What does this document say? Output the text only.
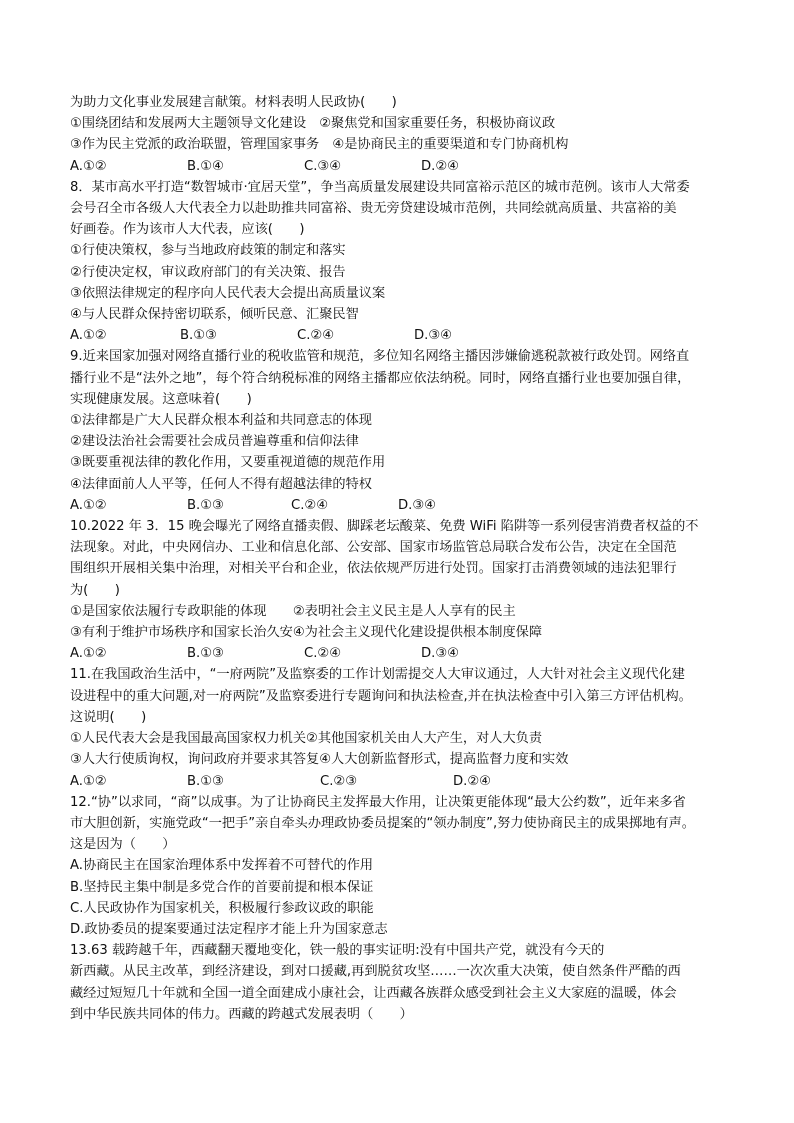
为助力文化事业发展建言献策。材料表明人民政协(　　)
①围绕团结和发展两大主题领导文化建设　②聚焦党和国家重要任务，积极协商议政
③作为民主党派的政治联盟，管理国家事务　④是协商民主的重要渠道和专门协商机构
A.①②	B.①④	C.③④	D.②④
8．某市高水平打造“数智城市·宜居天堂”，争当高质量发展建设共同富裕示范区的城市范例。该市人大常委
会号召全市各级人大代表全力以赴助推共同富裕、贵无旁贷建设城市范例，共同绘就高质量、共富裕的美
好画卷。作为该市人大代表，应该(　　)
①行使决策权，参与当地政府歧策的制定和落实
②行使决定权，审议政府部门的有关决策、报告
③依照法律规定的程序向人民代表大会提出高质量议案
④与人民群众保持密切联系，倾听民意、汇聚民智
A.①②	B.①③	C.②④	D.③④
9.近来国家加强对网络直播行业的税收监管和规范，多位知名网络主播因涉嫌偷逃税款被行政处罚。网络直
播行业不是“法外之地”，每个符合纳税标准的网络主播都应依法纳税。同时，网络直播行业也要加强自律，
实现健康发展。这意味着(　　)
①法律都是广大人民群众根本利益和共同意志的体现
②建设法治社会需要社会成员普遍尊重和信仰法律
③既要重视法律的教化作用，又要重视道德的规范作用
④法律面前人人平等，任何人不得有超越法律的特权
A.①②	B.①③	C.②④	D.③④
10.2022 年 3．15 晚会曝光了网络直播卖假、脚踩老坛酸菜、免费 WiFi 陷阱等一系列侵害消费者权益的不
法现象。对此，中央网信办、工业和信息化部、公安部、国家市场监管总局联合发布公告，决定在全国范
围组织开展相关集中治理，对相关平台和企业，依法依规严厉进行处罚。国家打击消费领域的违法犯罪行
为(　　)
①是国家依法履行专政职能的体现　　②表明社会主义民主是人人享有的民主
③有利于维护市场秩序和国家长治久安④为社会主义现代化建设提供根本制度保障
A.①②	B.①③	C.②④	D.③④
11.在我国政治生活中，“一府两院”及监察委的工作计划需提交人大审议通过，人大针对社会主义现代化建
设进程中的重大问题,对一府两院”及监察委进行专题询问和执法检查,并在执法检查中引入第三方评估机构。
这说明(　　)
①人民代表大会是我国最高国家权力机关②其他国家机关由人大产生，对人大负责
③人大行使质询权，询问政府并要求其答复④人大创新监督形式，提高监督力度和实效
A.①②	B.①③	C.②③	D.②④
12.“协”以求同，“商”以成事。为了让协商民主发挥最大作用，让决策更能体现“最大公约数”，近年来多省
市大胆创新，实施党政“一把手”亲自牵头办理政协委员提案的“领办制度”,努力使协商民主的成果掷地有声。
这是因为（　　）
A.协商民主在国家治理体系中发挥着不可替代的作用
B.坚持民主集中制是多党合作的首要前提和根本保证
C.人民政协作为国家机关，积极履行参政议政的职能
D.政协委员的提案要通过法定程序才能上升为国家意志
13.63 载跨越千年，西藏翻天覆地变化，铁一般的事实证明:没有中国共产党，就没有今天的
新西藏。从民主改革，到经济建设，到对口援藏,再到脱贫攻坚……一次次重大决策，使自然条件严酷的西
藏经过短短几十年就和全国一道全面建成小康社会，让西藏各族群众感受到社会主义大家庭的温暖，体会
到中华民族共同体的伟力。西藏的跨越式发展表明（　　）
